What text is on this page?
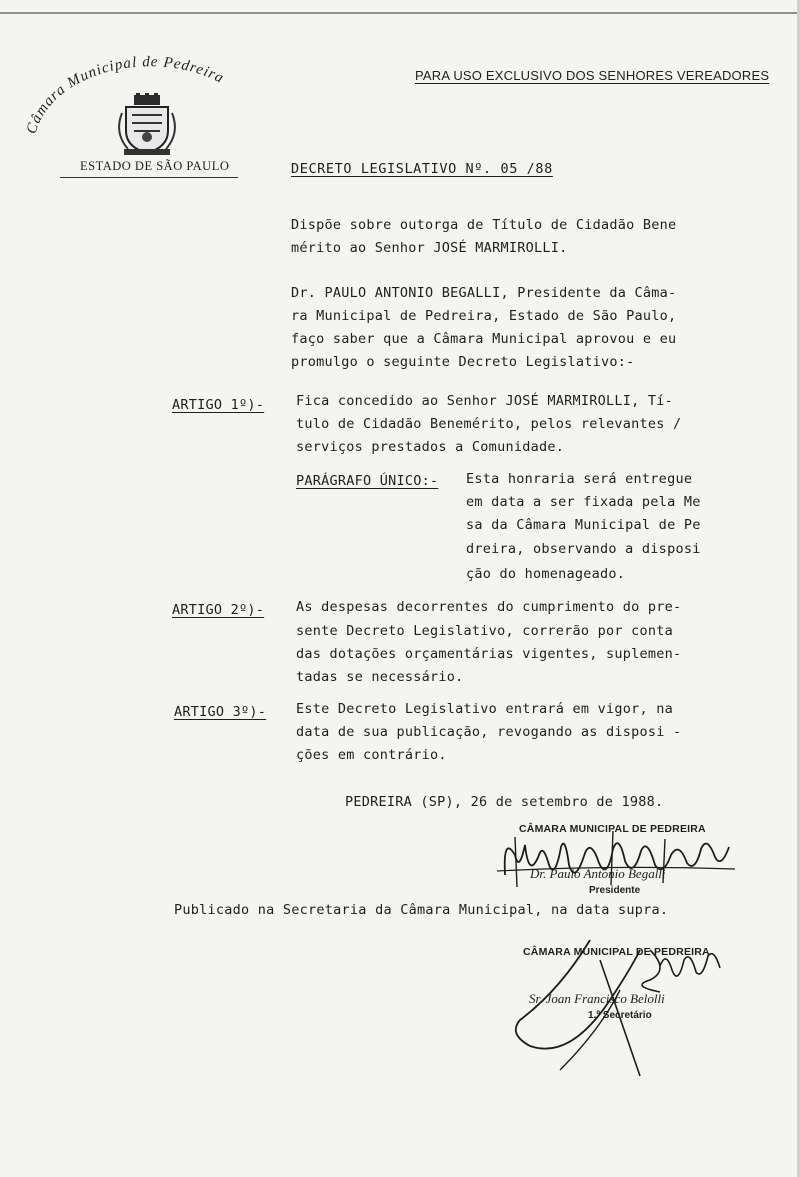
Câmara Municipal de Pedreira
ESTADO DE SÃO PAULO
PARA USO EXCLUSIVO DOS SENHORES VEREADORES
DECRETO LEGISLATIVO Nº. 05 /88
Dispõe sobre outorga de Título de Cidadão Bene
mérito ao Senhor JOSÉ MARMIROLLI.
Dr. PAULO ANTONIO BEGALLI, Presidente da Câma-
ra Municipal de Pedreira, Estado de São Paulo,
faço saber que a Câmara Municipal aprovou e eu
promulgo o seguinte Decreto Legislativo:-
ARTIGO 1º)- Fica concedido ao Senhor JOSÉ MARMIROLLI, Tí-
tulo de Cidadão Benemérito, pelos relevantes /
serviços prestados a Comunidade.
PARÁGRAFO ÚNICO:- Esta honraria será entregue
em data a ser fixada pela Me
sa da Câmara Municipal de Pe
dreira, observando a disposi
ção do homenageado.
ARTIGO 2º)- As despesas decorrentes do cumprimento do pre-
sente Decreto Legislativo, correrão por conta
das dotações orçamentárias vigentes, suplemen-
tadas se necessário.
ARTIGO 3º)- Este Decreto Legislativo entrará em vigor, na
data de sua publicação, revogando as disposi -
ções em contrário.
PEDREIRA (SP), 26 de setembro de 1988.
CÂMARA MUNICIPAL DE PEDREIRA
Dr. Paulo Antonio Begalli
Presidente
Publicado na Secretaria da Câmara Municipal, na data supra.
CÂMARA MUNICIPAL DE PEDREIRA
Sr. Joan Francisco Belolli
1.º Secretário
